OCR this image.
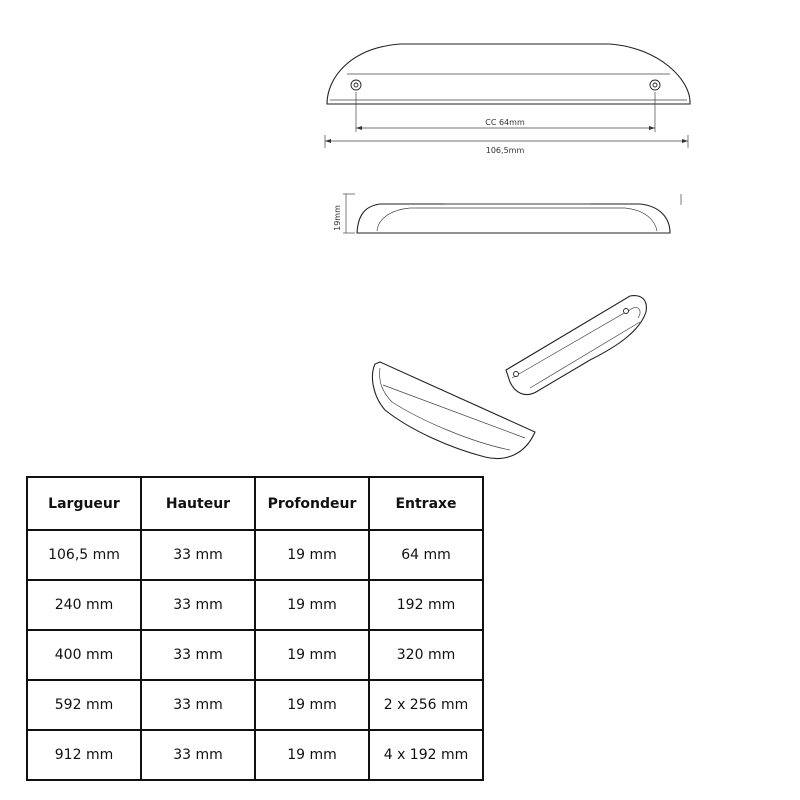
CC 64mm
106,5mm
19mm
Largueur	Hauteur	Profondeur	Entraxe
106,5 mm	33 mm	19 mm	64 mm
240 mm	33 mm	19 mm	192 mm
400 mm	33 mm	19 mm	320 mm
592 mm	33 mm	19 mm	2 x 256 mm
912 mm	33 mm	19 mm	4 x 192 mm
